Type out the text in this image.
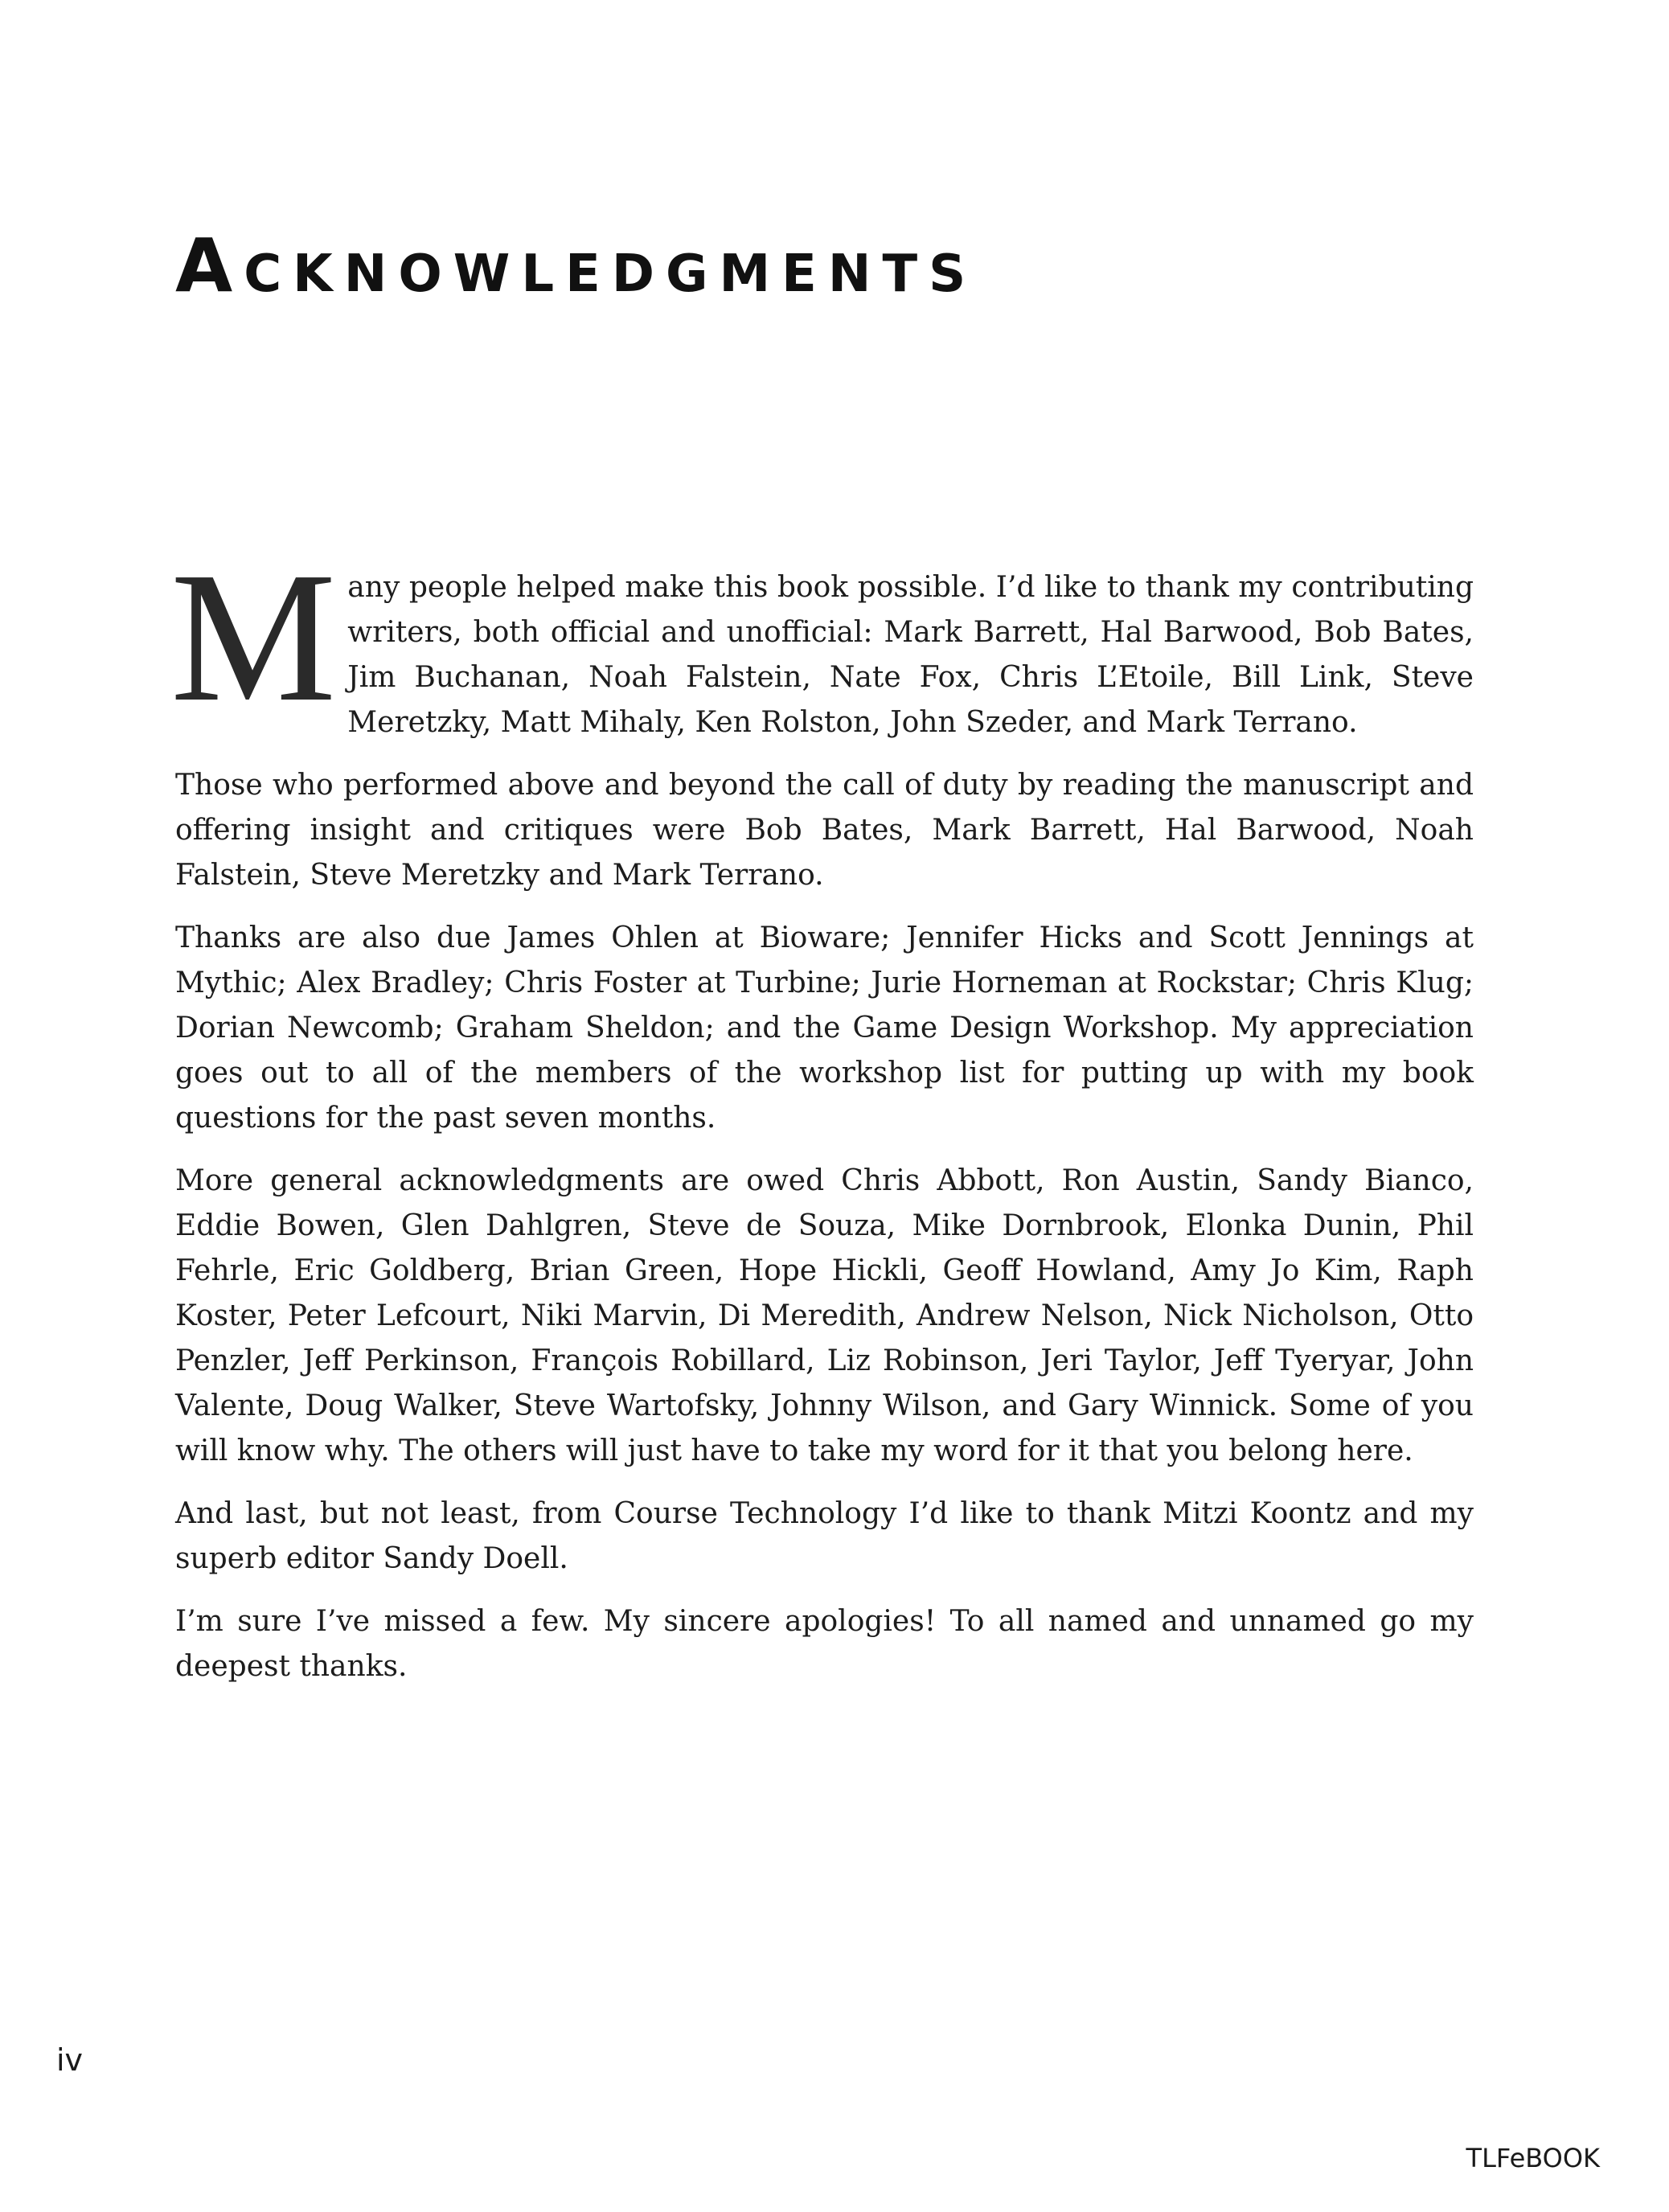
Acknowledgments

Many people helped make this book possible. I’d like to thank my contributing writers, both official and unofficial: Mark Barrett, Hal Barwood, Bob Bates, Jim Buchanan, Noah Falstein, Nate Fox, Chris L’Etoile, Bill Link, Steve Meretzky, Matt Mihaly, Ken Rolston, John Szeder, and Mark Terrano.

Those who performed above and beyond the call of duty by reading the manuscript and offering insight and critiques were Bob Bates, Mark Barrett, Hal Barwood, Noah Falstein, Steve Meretzky and Mark Terrano.

Thanks are also due James Ohlen at Bioware; Jennifer Hicks and Scott Jennings at Mythic; Alex Bradley; Chris Foster at Turbine; Jurie Horneman at Rockstar; Chris Klug; Dorian Newcomb; Graham Sheldon; and the Game Design Workshop. My appreciation goes out to all of the members of the workshop list for putting up with my book questions for the past seven months.

More general acknowledgments are owed Chris Abbott, Ron Austin, Sandy Bianco, Eddie Bowen, Glen Dahlgren, Steve de Souza, Mike Dornbrook, Elonka Dunin, Phil Fehrle, Eric Goldberg, Brian Green, Hope Hickli, Geoff Howland, Amy Jo Kim, Raph Koster, Peter Lefcourt, Niki Marvin, Di Meredith, Andrew Nelson, Nick Nicholson, Otto Penzler, Jeff Perkinson, François Robillard, Liz Robinson, Jeri Taylor, Jeff Tyeryar, John Valente, Doug Walker, Steve Wartofsky, Johnny Wilson, and Gary Winnick. Some of you will know why. The others will just have to take my word for it that you belong here.

And last, but not least, from Course Technology I’d like to thank Mitzi Koontz and my superb editor Sandy Doell.

I’m sure I’ve missed a few. My sincere apologies! To all named and unnamed go my deepest thanks.

iv
TLFeBOOK
